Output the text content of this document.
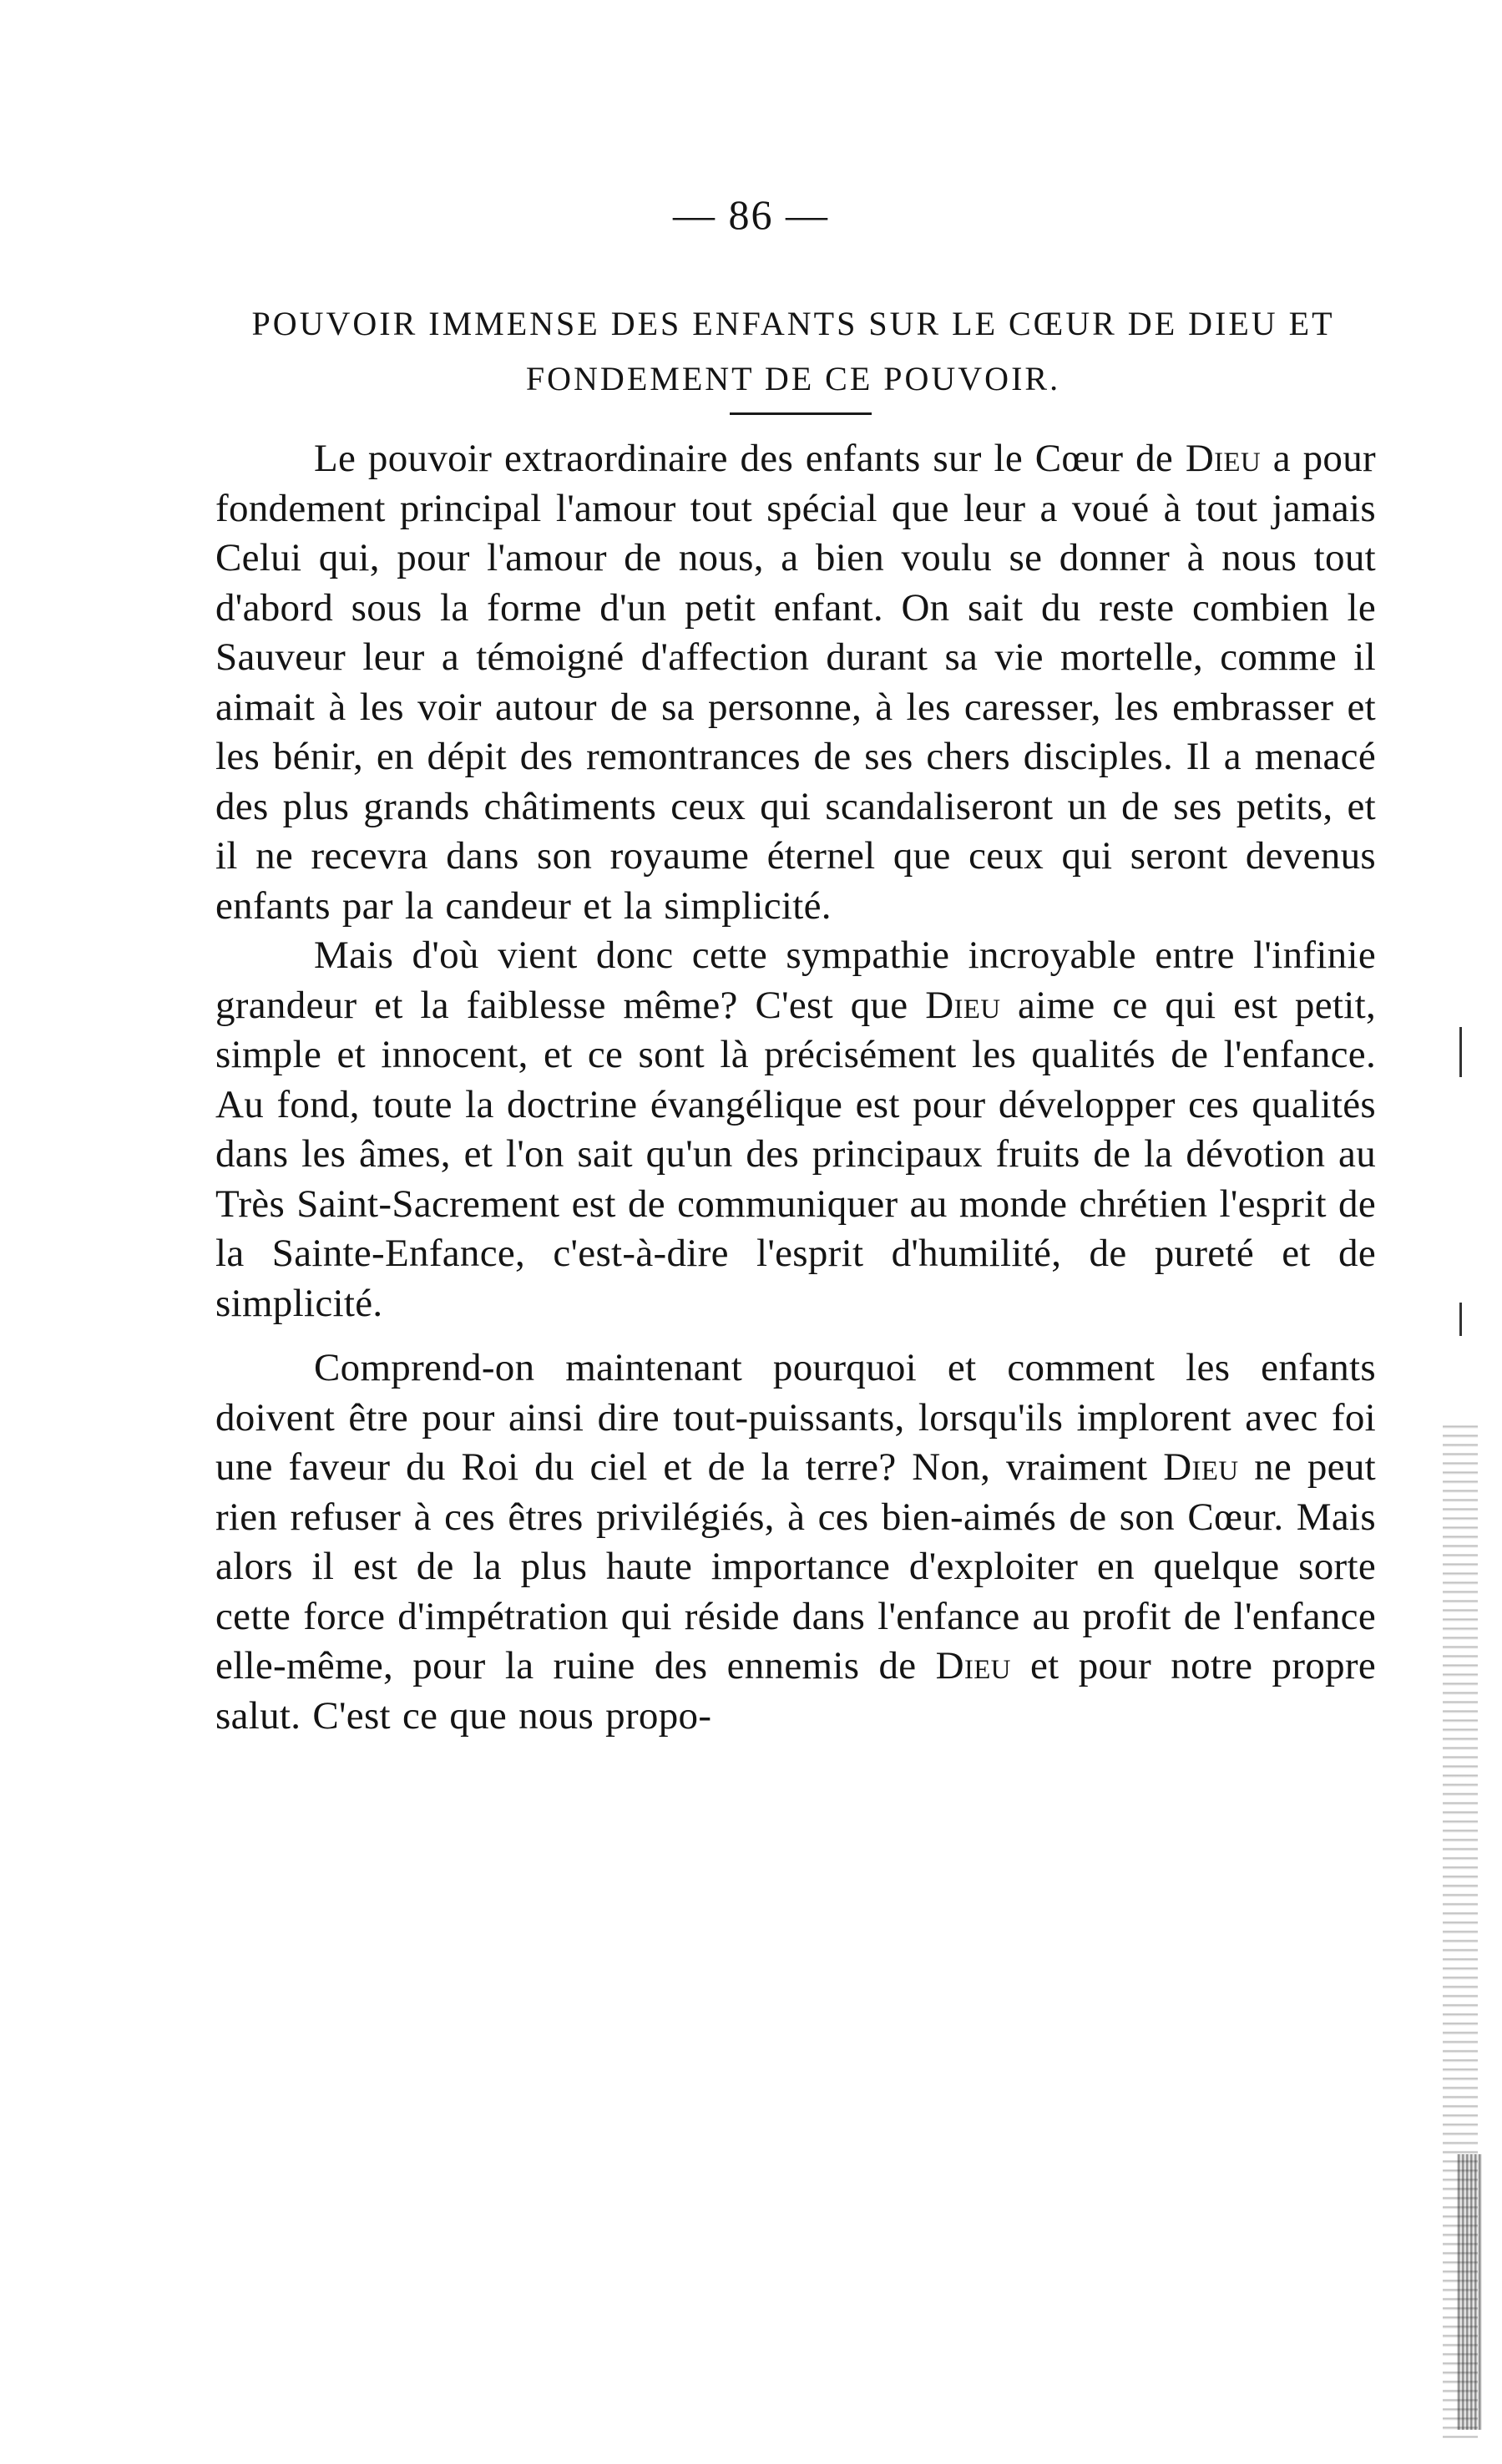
— 86 —
POUVOIR IMMENSE DES ENFANTS SUR LE CŒUR DE DIEU ET FONDEMENT DE CE POUVOIR.

Le pouvoir extraordinaire des enfants sur le Cœur de Dieu a pour fondement principal l'amour tout spécial que leur a voué à tout jamais Celui qui, pour l'amour de nous, a bien voulu se donner à nous tout d'abord sous la forme d'un petit enfant. On sait du reste combien le Sauveur leur a témoigné d'affection durant sa vie mortelle, comme il aimait à les voir autour de sa personne, à les caresser, les embrasser et les bénir, en dépit des remontrances de ses chers disciples. Il a menacé des plus grands châtiments ceux qui scandaliseront un de ses petits, et il ne recevra dans son royaume éternel que ceux qui seront devenus enfants par la candeur et la simplicité.

Mais d'où vient donc cette sympathie incroyable entre l'infinie grandeur et la faiblesse même? C'est que Dieu aime ce qui est petit, simple et innocent, et ce sont là précisément les qualités de l'enfance. Au fond, toute la doctrine évangélique est pour développer ces qualités dans les âmes, et l'on sait qu'un des principaux fruits de la dévotion au Très Saint-Sacrement est de communiquer au monde chrétien l'esprit de la Sainte-Enfance, c'est-à-dire l'esprit d'humilité, de pureté et de simplicité.

Comprend-on maintenant pourquoi et comment les enfants doivent être pour ainsi dire tout-puissants, lorsqu'ils implorent avec foi une faveur du Roi du ciel et de la terre? Non, vraiment Dieu ne peut rien refuser à ces êtres privilégiés, à ces bien-aimés de son Cœur. Mais alors il est de la plus haute importance d'exploiter en quelque sorte cette force d'impétration qui réside dans l'enfance au profit de l'enfance elle-même, pour la ruine des ennemis de Dieu et pour notre propre salut. C'est ce que nous propo-
